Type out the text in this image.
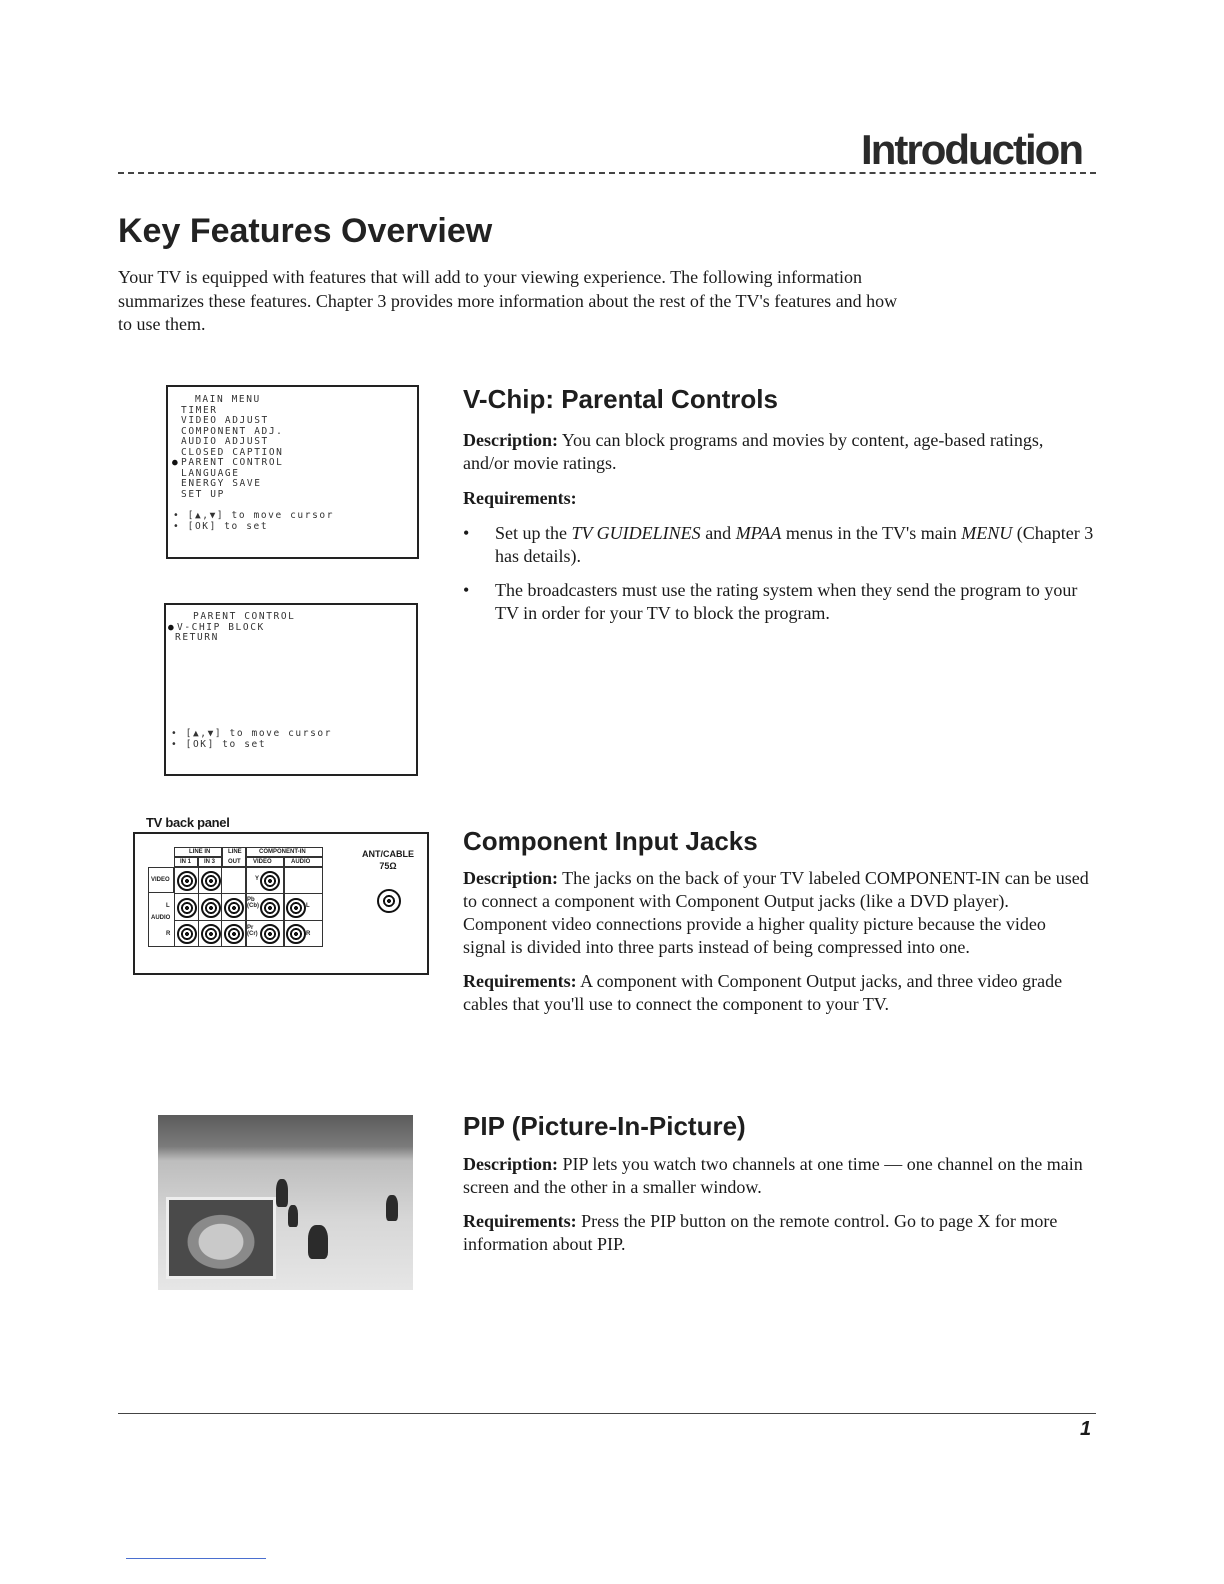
Introduction
Key Features Overview
Your TV is equipped with features that will add to your viewing experience. The following information summarizes these features. Chapter 3 provides more information about the rest of the TV's features and how to use them.
MAIN MENU
TIMER
VIDEO ADJUST
COMPONENT ADJ.
AUDIO ADJUST
CLOSED CAPTION
● PARENT CONTROL
LANGUAGE
ENERGY SAVE
SET UP
• [▲,▼] to move cursor
• [OK] to set
PARENT CONTROL
● V-CHIP BLOCK
RETURN
• [▲,▼] to move cursor
• [OK] to set
V-Chip: Parental Controls
Description: You can block programs and movies by content, age-based ratings, and/or movie ratings.
Requirements:
• Set up the TV GUIDELINES and MPAA menus in the TV's main MENU (Chapter 3 has details).
• The broadcasters must use the rating system when they send the program to your TV in order for your TV to block the program.
TV back panel
LINE IN
IN 1 IN 3
LINE
OUT
COMPONENT-IN
VIDEO	AUDIO
VIDEO
AUDIO
L
R
Y
Pb
(Cb)
Pr
(Cr)
L
R
ANT/CABLE
75Ω
Component Input Jacks
Description: The jacks on the back of your TV labeled COMPONENT-IN can be used to connect a component with Component Output jacks (like a DVD player). Component video connections provide a higher quality picture because the video signal is divided into three parts instead of being compressed into one.
Requirements: A component with Component Output jacks, and three video grade cables that you'll use to connect the component to your TV.
PIP (Picture-In-Picture)
Description: PIP lets you watch two channels at one time — one channel on the main screen and the other in a smaller window.
Requirements: Press the PIP button on the remote control. Go to page X for more information about PIP.
1
